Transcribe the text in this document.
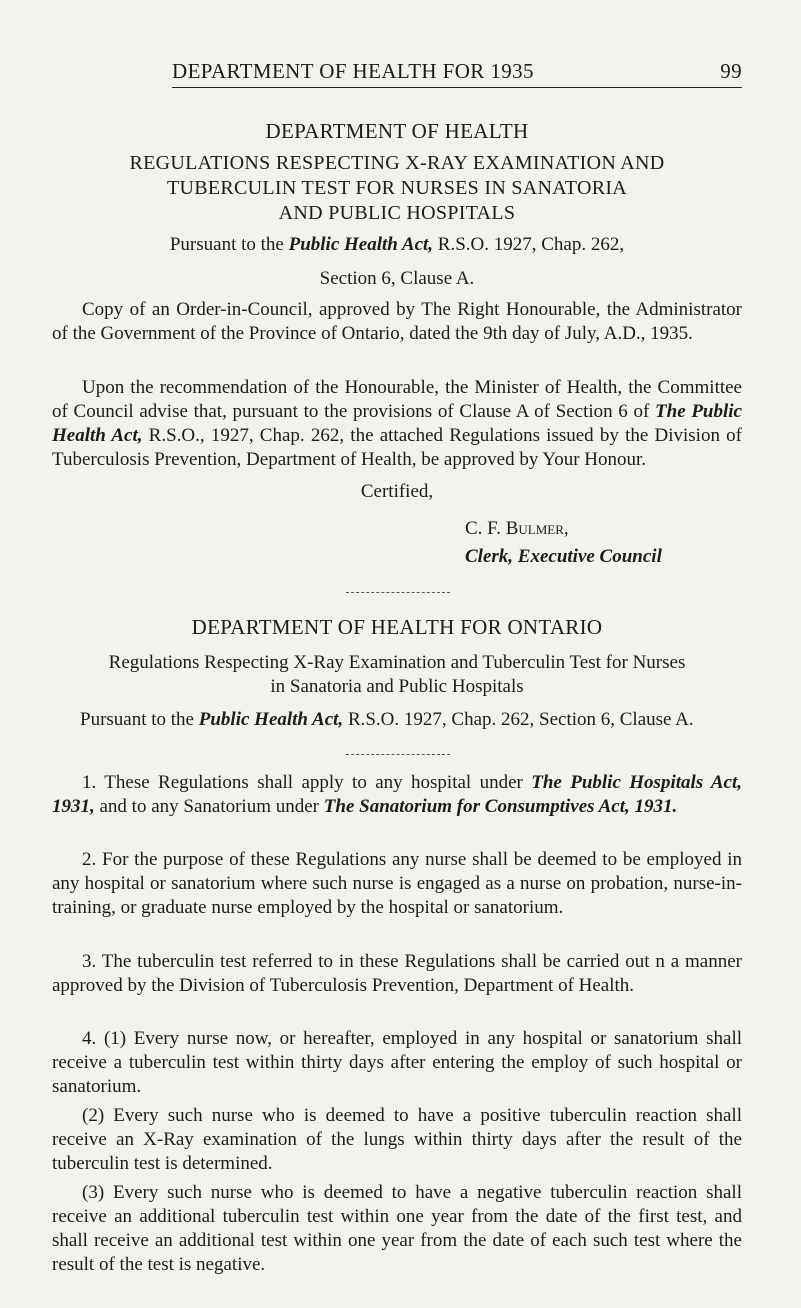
DEPARTMENT OF HEALTH FOR 1935	99
DEPARTMENT OF HEALTH
REGULATIONS RESPECTING X-RAY EXAMINATION AND
TUBERCULIN TEST FOR NURSES IN SANATORIA
AND PUBLIC HOSPITALS

Pursuant to the Public Health Act, R.S.O. 1927, Chap. 262,

Section 6, Clause A.

Copy of an Order-in-Council, approved by The Right Honourable, the Administrator of the Government of the Province of Ontario, dated the 9th day of July, A.D., 1935.

Upon the recommendation of the Honourable, the Minister of Health, the Committee of Council advise that, pursuant to the provisions of Clause A of Section 6 of The Public Health Act, R.S.O., 1927, Chap. 262, the attached Regulations issued by the Division of Tuberculosis Prevention, Department of Health, be approved by Your Honour.

Certified,
C. F. Bulmer,
Clerk, Executive Council
DEPARTMENT OF HEALTH FOR ONTARIO
Regulations Respecting X-Ray Examination and Tuberculin Test for Nurses
in Sanatoria and Public Hospitals

Pursuant to the Public Health Act, R.S.O. 1927, Chap. 262, Section 6, Clause A.

1. These Regulations shall apply to any hospital under The Public Hospitals Act, 1931, and to any Sanatorium under The Sanatorium for Consumptives Act, 1931.

2. For the purpose of these Regulations any nurse shall be deemed to be employed in any hospital or sanatorium where such nurse is engaged as a nurse on probation, nurse-in-training, or graduate nurse employed by the hospital or sanatorium.

3. The tuberculin test referred to in these Regulations shall be carried out n a manner approved by the Division of Tuberculosis Prevention, Department of Health.

4. (1) Every nurse now, or hereafter, employed in any hospital or sanatorium shall receive a tuberculin test within thirty days after entering the employ of such hospital or sanatorium.

(2) Every such nurse who is deemed to have a positive tuberculin reaction shall receive an X-Ray examination of the lungs within thirty days after the result of the tuberculin test is determined.

(3) Every such nurse who is deemed to have a negative tuberculin reaction shall receive an additional tuberculin test within one year from the date of the first test, and shall receive an additional test within one year from the date of each such test where the result of the test is negative.
